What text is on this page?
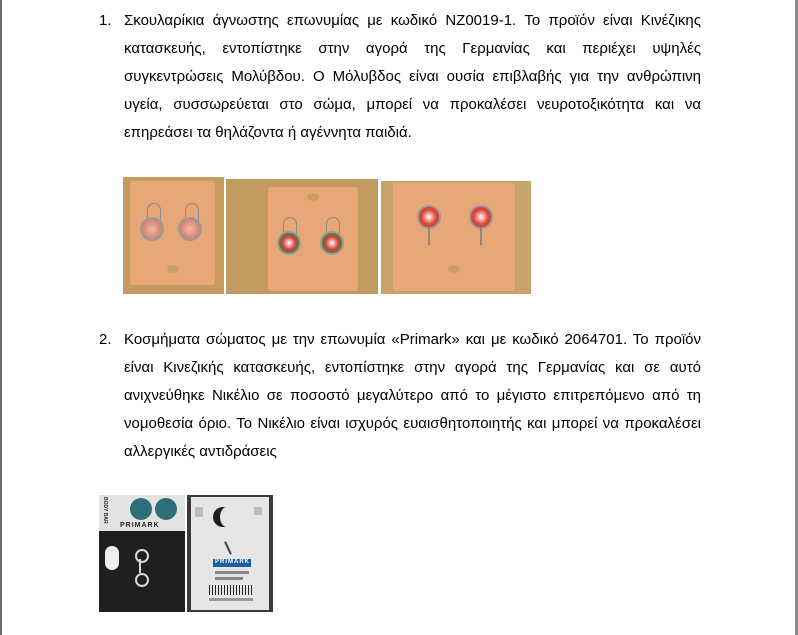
1. Σκουλαρίκια άγνωστης επωνυμίας με κωδικό NZ0019-1. Το προϊόν είναι Κινέζικης κατασκευής, εντοπίστηκε στην αγορά της Γερμανίας και περιέχει υψηλές συγκεντρώσεις Μολύβδου. Ο Μόλυβδος είναι ουσία επιβλαβής για την ανθρώπινη υγεία, συσσωρεύεται στο σώμα, μπορεί να προκαλέσει νευροτοξικότητα και να επηρεάσει τα θηλάζοντα ή αγέννητα παιδιά.
2. Κοσμήματα σώματος με την επωνυμία «Primark» και με κωδικό 2064701. Το προϊόν είναι Κινεζικής κατασκευής, εντοπίστηκε στην αγορά της Γερμανίας και σε αυτό ανιχνεύθηκε Νικέλιο σε ποσοστό μεγαλύτερο από το μέγιστο επιτρεπόμενο από τη νομοθεσία όριο. Το Νικέλιο είναι ισχυρός ευαισθητοποιητής και μπορεί να προκαλέσει αλλεργικές αντιδράσεις
PRIMARK
BODY BAR
PRIMARK
